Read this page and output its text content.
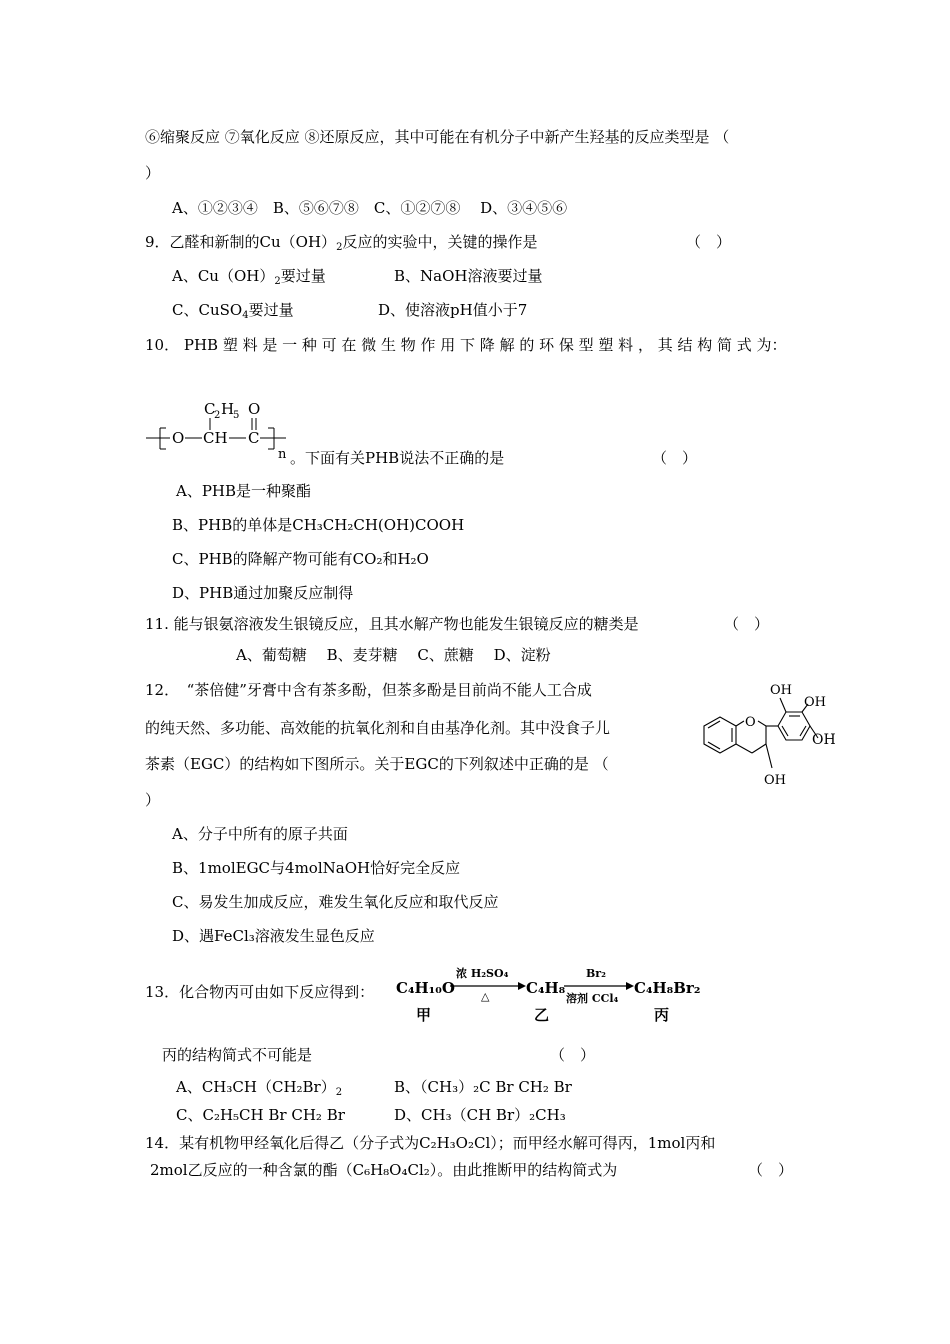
⑥缩聚反应 ⑦氧化反应 ⑧还原反应，其中可能在有机分子中新产生羟基的反应类型是 （
）
A、①②③④　B、⑤⑥⑦⑧　C、①②⑦⑧　 D、③④⑤⑥
9．乙醛和新制的$Cu(OH)_2$反应的实验中，关键的操作是	（　）
A、$Cu(OH)_2$要过量	B、NaOH溶液要过量
C、CuSO$_4$要过量	D、使溶液pH值小于7
10． PHB 塑 料 是 一 种 可 在 微 生 物 作 用 下 降 解 的 环 保 型 塑 料 ， 其 结 构 简 式 为：
C
2 H
5 O
O CH C
n 。下面有关PHB说法不正确的是	（　）
A、PHB是一种聚酯
B、PHB的单体是CH₃CH₂CH(OH)COOH
C、PHB的降解产物可能有CO₂和H₂O
D、PHB通过加聚反应制得
11. 能与银氨溶液发生银镜反应，且其水解产物也能发生银镜反应的糖类是	（　）
A、葡萄糖　 B、麦芽糖　 C、蔗糖　 D、淀粉
12．　“茶倍健”牙膏中含有茶多酚，但茶多酚是目前尚不能人工合成
的纯天然、多功能、高效能的抗氧化剂和自由基净化剂。其中没食子儿
茶素（EGC）的结构如下图所示。关于EGC的下列叙述中正确的是 （
）
O
OH
OH
OH
OH
A、分子中所有的原子共面
B、1molEGC与4molNaOH恰好完全反应
C、易发生加成反应，难发生氧化反应和取代反应
D、遇FeCl₃溶液发生显色反应
13．化合物丙可由如下反应得到： C₄H₁₀O
浓 H₂SO₄
△ C₄H₈
Br₂
溶剂 CCl₄
C₄H₈Br₂
甲	乙	丙
丙的结构简式不可能是	（　）
A、$CH_3CH(CH_2Br)_2$	B、（CH₃）₂C Br CH₂ Br
C、C₂H₅CH Br CH₂ Br	D、CH₃（CH Br）₂CH₃
14．某有机物甲经氧化后得乙（分子式为C₂H₃O₂Cl）；而甲经水解可得丙，1mol丙和
2mol乙反应的一种含氯的酯（C₆H₈O₄Cl₂）。由此推断甲的结构简式为	（　）
